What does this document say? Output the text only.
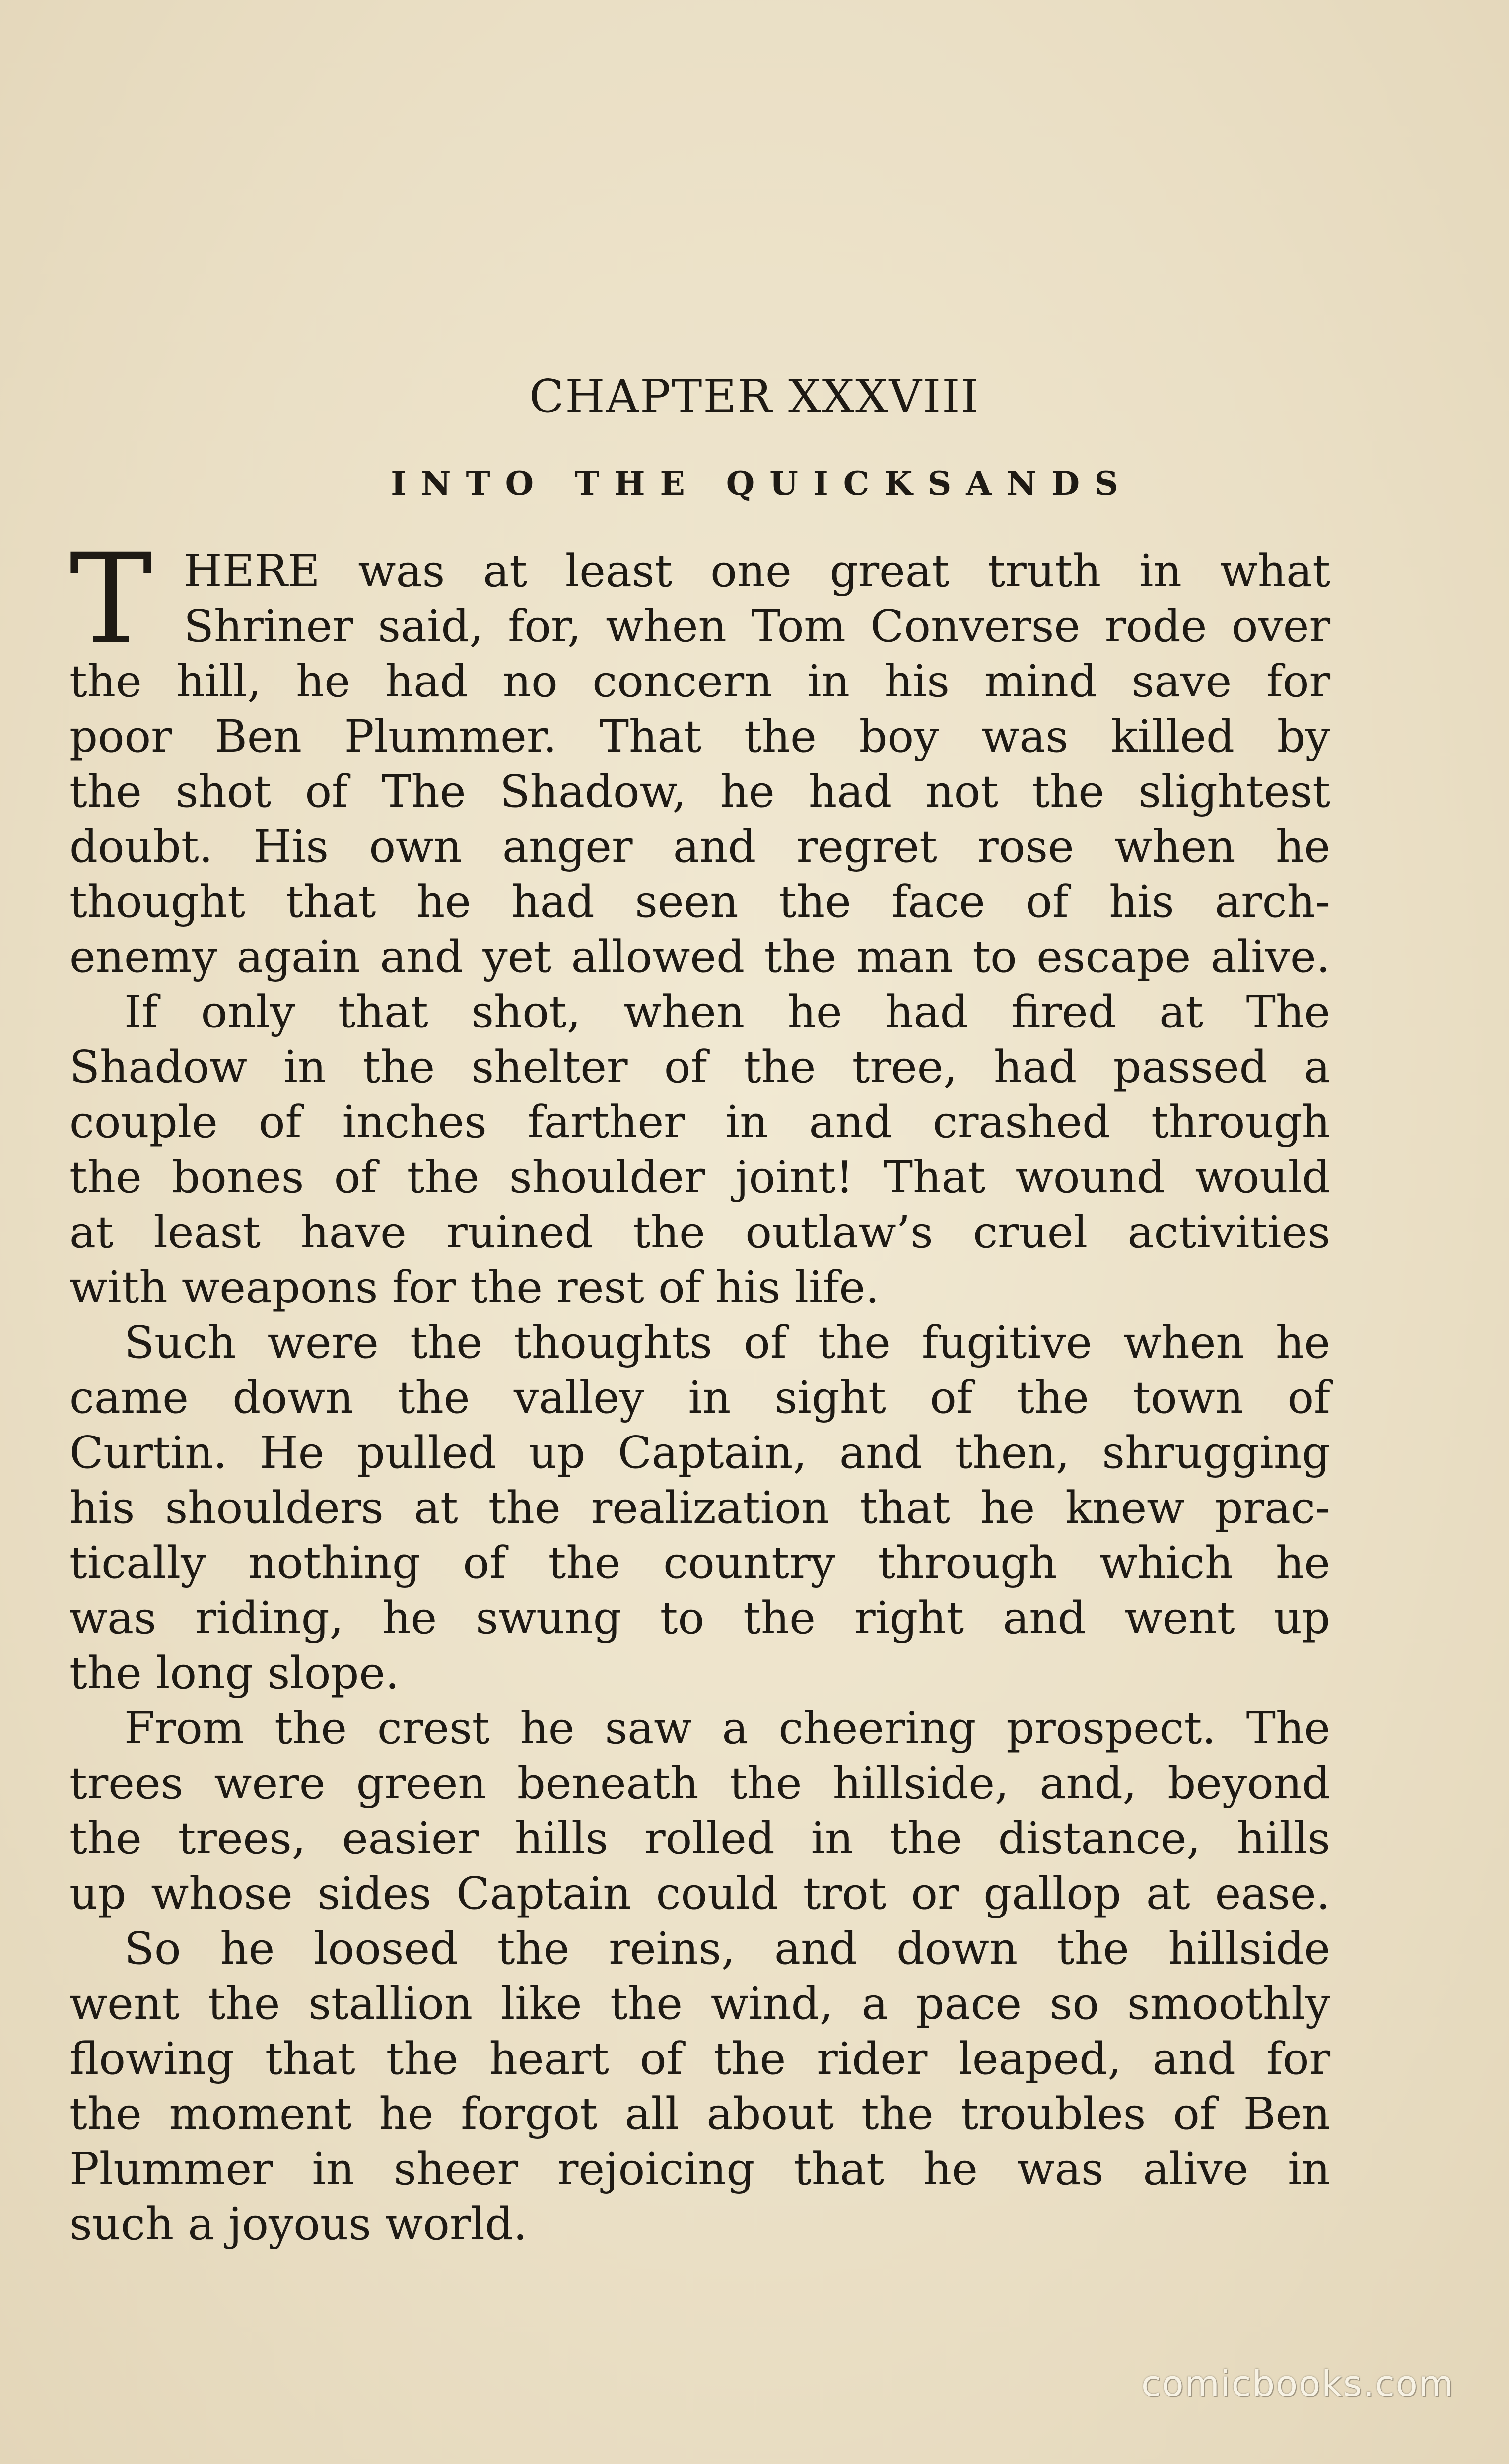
CHAPTER XXXVIII
INTO THE QUICKSANDS
T HERE was at least one great truth in what
Shriner said, for, when Tom Converse rode over
the hill, he had no concern in his mind save for
poor Ben Plummer. That the boy was killed by
the shot of The Shadow, he had not the slightest
doubt. His own anger and regret rose when he
thought that he had seen the face of his arch-
enemy again and yet allowed the man to escape alive.
If only that shot, when he had fired at The
Shadow in the shelter of the tree, had passed a
couple of inches farther in and crashed through
the bones of the shoulder joint! That wound would
at least have ruined the outlaw’s cruel activities
with weapons for the rest of his life.
Such were the thoughts of the fugitive when he
came down the valley in sight of the town of
Curtin. He pulled up Captain, and then, shrugging
his shoulders at the realization that he knew prac-
tically nothing of the country through which he
was riding, he swung to the right and went up
the long slope.
From the crest he saw a cheering prospect. The
trees were green beneath the hillside, and, beyond
the trees, easier hills rolled in the distance, hills
up whose sides Captain could trot or gallop at ease.
So he loosed the reins, and down the hillside
went the stallion like the wind, a pace so smoothly
flowing that the heart of the rider leaped, and for
the moment he forgot all about the troubles of Ben
Plummer in sheer rejoicing that he was alive in
such a joyous world.
comicbooks.com
